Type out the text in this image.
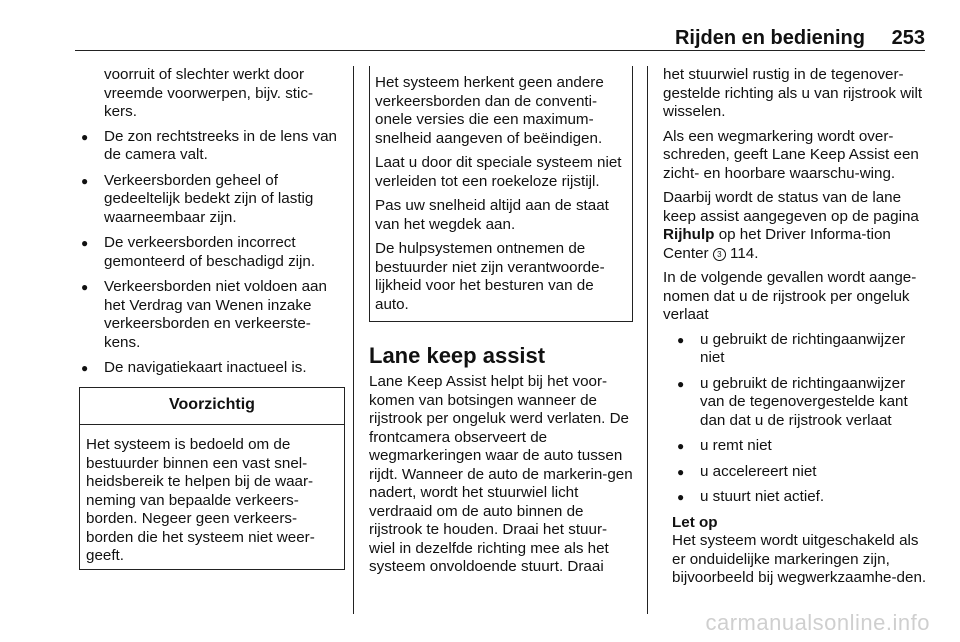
Rijden en bediening 253

voorruit of slechter werkt door vreemde voorwerpen, bijv. stic-kers.

● De zon rechtstreeks in de lens van de camera valt.
● Verkeersborden geheel of gedeeltelijk bedekt zijn of lastig waarneembaar zijn.
● De verkeersborden incorrect gemonteerd of beschadigd zijn.
● Verkeersborden niet voldoen aan het Verdrag van Wenen inzake verkeersborden en verkeerste-kens.
● De navigatiekaart inactueel is.
Voorzichtig
Het systeem is bedoeld om de bestuurder binnen een vast snel-heidsbereik te helpen bij de waar-neming van bepaalde verkeers-borden. Negeer geen verkeers-borden die het systeem niet weer-geeft.

Het systeem herkent geen andere verkeersborden dan de conventi-onele versies die een maximum-snelheid aangeven of beëindigen.

Laat u door dit speciale systeem niet verleiden tot een roekeloze rijstijl.

Pas uw snelheid altijd aan de staat van het wegdek aan.

De hulpsystemen ontnemen de bestuurder niet zijn verantwoorde-lijkheid voor het besturen van de auto.

Lane keep assist

Lane Keep Assist helpt bij het voor-komen van botsingen wanneer de rijstrook per ongeluk werd verlaten. De frontcamera observeert de wegmarkeringen waar de auto tussen rijdt. Wanneer de auto de markerin-gen nadert, wordt het stuurwiel licht verdraaid om de auto binnen de rijstrook te houden. Draai het stuur-wiel in dezelfde richting mee als het systeem onvoldoende stuurt. Draai

het stuurwiel rustig in de tegenover-gestelde richting als u van rijstrook wilt wisselen.

Als een wegmarkering wordt over-schreden, geeft Lane Keep Assist een zicht- en hoorbare waarschu-wing.

Daarbij wordt de status van de lane keep assist aangegeven op de pagina Rijhulp op het Driver Informa-tion Center 3 114.

In de volgende gevallen wordt aange-nomen dat u de rijstrook per ongeluk verlaat

● u gebruikt de richtingaanwijzer niet
● u gebruikt de richtingaanwijzer van de tegenovergestelde kant dan dat u de rijstrook verlaat
● u remt niet
● u accelereert niet
● u stuurt niet actief.
Let op
Het systeem wordt uitgeschakeld als er onduidelijke markeringen zijn, bijvoorbeeld bij wegwerkzaamhe-den.
carmanualsonline.info
